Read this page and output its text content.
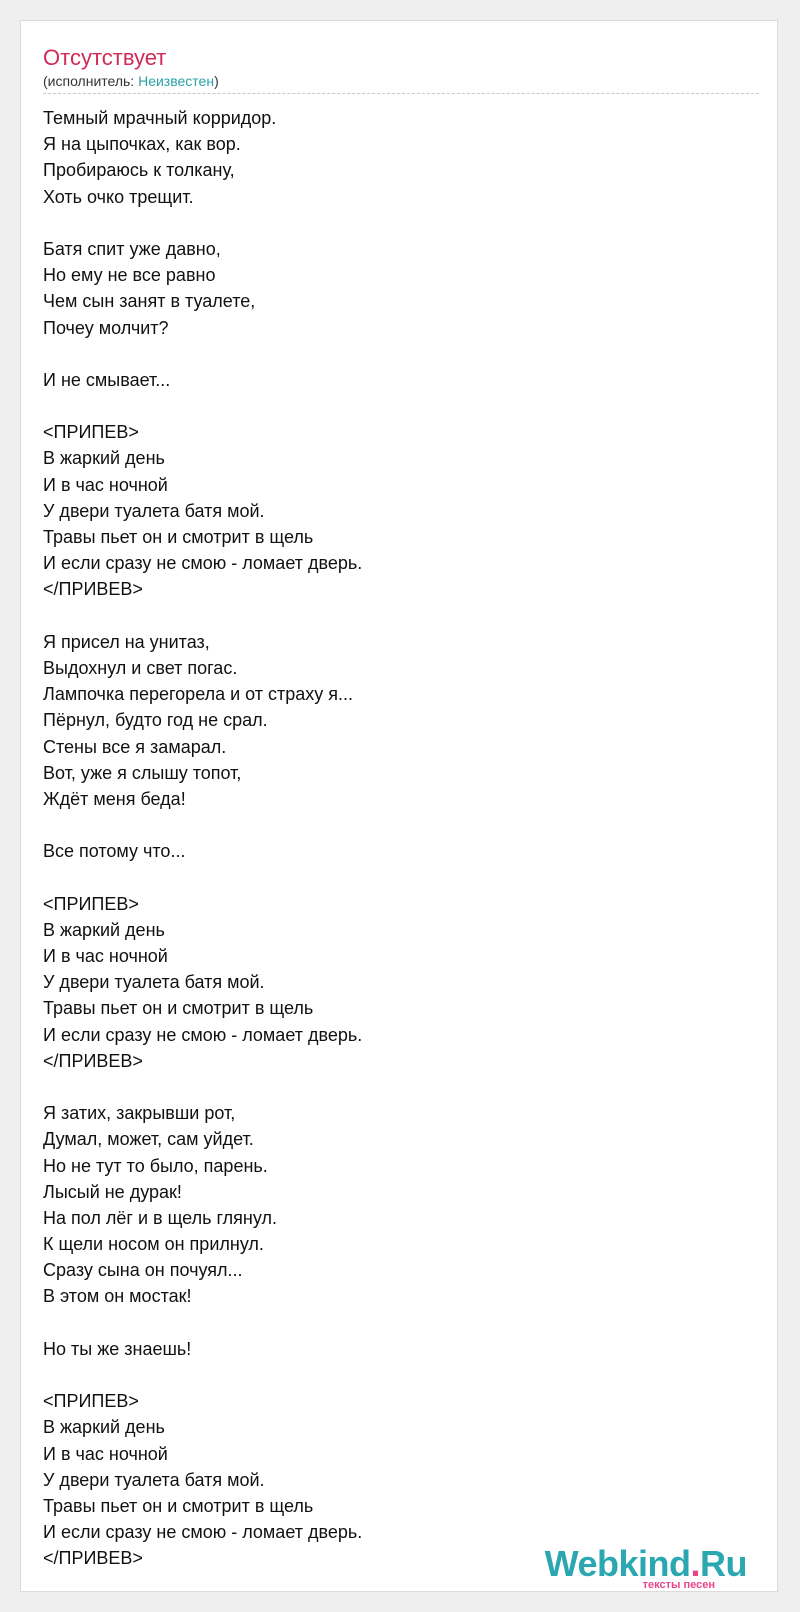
Отсутствует
(исполнитель: Неизвестен)
Темный мрачный корридор.
Я на цыпочках, как вор.
Пробираюсь к толкану,
Хоть очко трещит.
Батя спит уже давно,
Но ему не все равно
Чем сын занят в туалете,
Почеу молчит?
И не смывает...
<ПРИПЕВ>
В жаркий день
И в час ночной
У двери туалета батя мой.
Травы пьет он и смотрит в щель
И если сразу не смою - ломает дверь.
</ПРИВЕВ>
Я присел на унитаз,
Выдохнул и свет погас.
Лампочка перегорела и от страху я...
Пёрнул, будто год не срал.
Стены все я замарал.
Вот, уже я слышу топот,
Ждёт меня беда!
Все потому что...
<ПРИПЕВ>
В жаркий день
И в час ночной
У двери туалета батя мой.
Травы пьет он и смотрит в щель
И если сразу не смою - ломает дверь.
</ПРИВЕВ>
Я затих, закрывши рот,
Думал, может, сам уйдет.
Но не тут то было, парень.
Лысый не дурак!
На пол лёг и в щель глянул.
К щели носом он прилнул.
Сразу сына он почуял...
В этом он мостак!
Но ты же знаешь!
<ПРИПЕВ>
В жаркий день
И в час ночной
У двери туалета батя мой.
Травы пьет он и смотрит в щель
И если сразу не смою - ломает дверь.
</ПРИВЕВ>	Webkind.Ru
тексты песен
